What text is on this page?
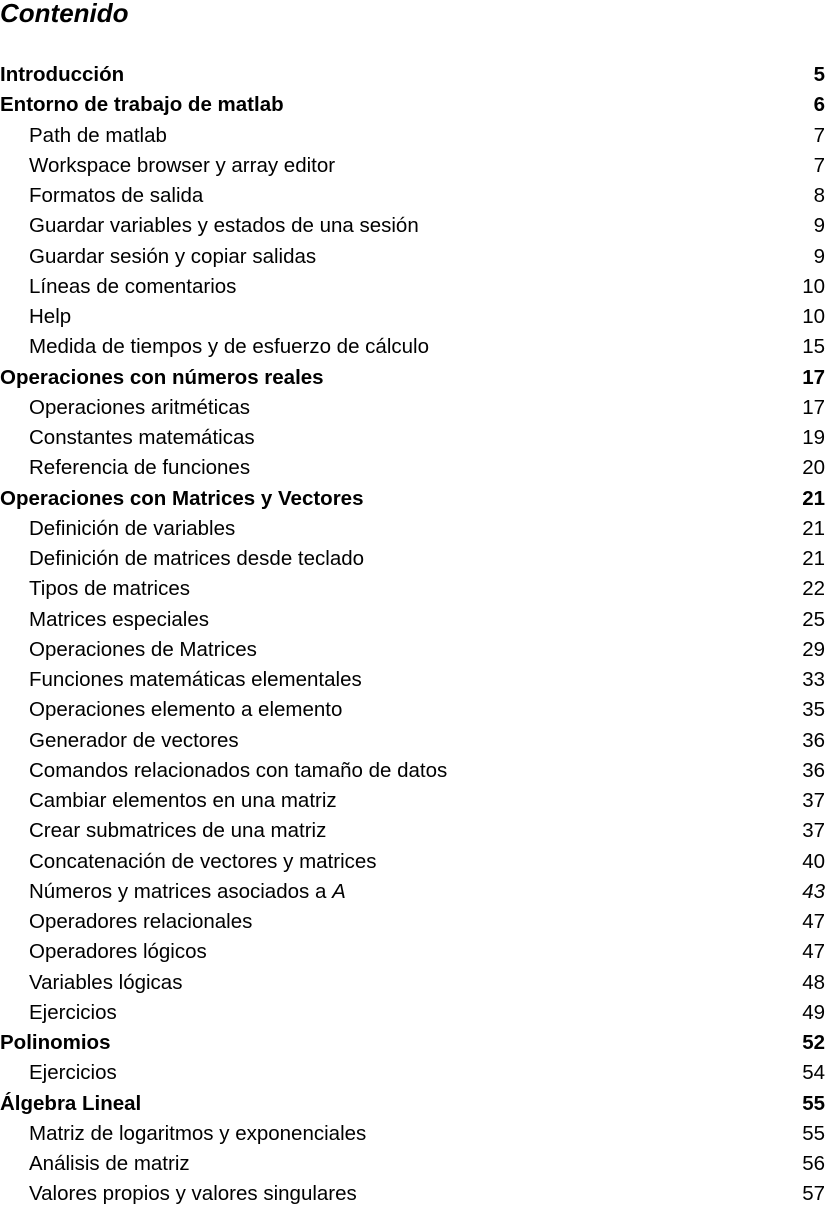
Contenido
Introducción	5
Entorno de trabajo de matlab	6
Path de matlab	7
Workspace browser y array editor	7
Formatos de salida	8
Guardar variables y estados de una sesión	9
Guardar sesión y copiar salidas	9
Líneas de comentarios	10
Help	10
Medida de tiempos y de esfuerzo de cálculo	15
Operaciones con números reales	17
Operaciones aritméticas	17
Constantes matemáticas	19
Referencia de funciones	20
Operaciones con Matrices y Vectores	21
Definición de variables	21
Definición de matrices desde teclado	21
Tipos de matrices	22
Matrices especiales	25
Operaciones de Matrices	29
Funciones matemáticas elementales	33
Operaciones elemento a elemento	35
Generador de vectores	36
Comandos relacionados con tamaño de datos	36
Cambiar elementos en una matriz	37
Crear submatrices de una matriz	37
Concatenación de vectores y matrices	40
Números y matrices asociados a A	43
Operadores relacionales	47
Operadores lógicos	47
Variables lógicas	48
Ejercicios	49
Polinomios	52
Ejercicios	54
Álgebra Lineal	55
Matriz de logaritmos y exponenciales	55
Análisis de matriz	56
Valores propios y valores singulares	57
